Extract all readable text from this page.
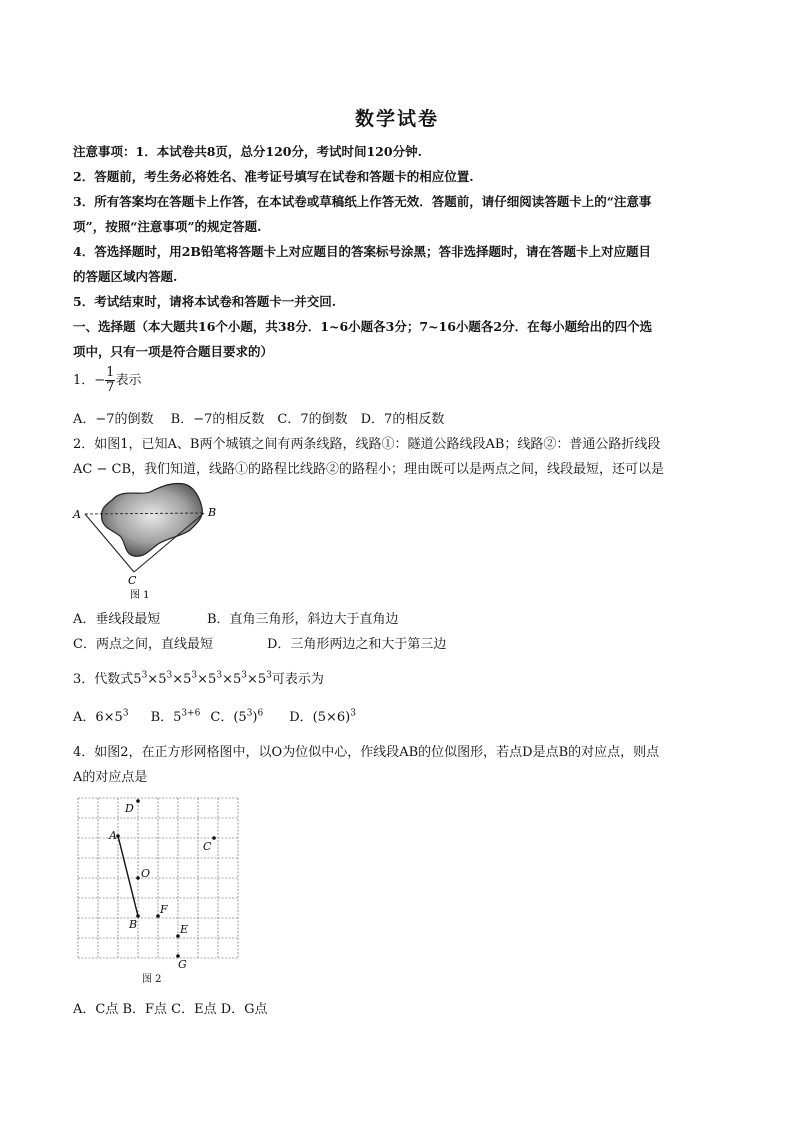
数学试卷
注意事项：1．本试卷共8页，总分120分，考试时间120分钟.
2．答题前，考生务必将姓名、准考证号填写在试卷和答题卡的相应位置.
3．所有答案均在答题卡上作答，在本试卷或草稿纸上作答无效．答题前，请仔细阅读答题卡上的“注意事
项”，按照“注意事项”的规定答题.
4．答选择题时，用2B铅笔将答题卡上对应题目的答案标号涂黑；答非选择题时，请在答题卡上对应题目
的答题区域内答题.
5．考试结束时，请将本试卷和答题卡一并交回.
一、选择题（本大题共16个小题，共38分．1~6小题各3分；7~16小题各2分．在每小题给出的四个选
项中，只有一项是符合题目要求的）
1．− $\frac{1}{7}$ 表示
A．−7的倒数　 B．−7的相反数　C．7的倒数　D．7的相反数
2．如图1，已知A、B两个城镇之间有两条线路，线路①：隧道公路线段AB；线路②：普通公路折线段
AC − CB，我们知道，线路①的路程比线路②的路程小；理由既可以是两点之间，线段最短，还可以是
A	B
C
图 1
A．垂线段最短	B．直角三角形，斜边大于直角边
C．两点之间，直线最短	D．三角形两边之和大于第三边
3．代数式$5^3\times 5^3\times 5^3\times 5^3\times 5^3\times 5^3$可表示为
A．$6\times 5^3$ B．$5^{3+6}$ C．$(5^3)^6$ D．$(5\times 6)^3$
4．如图2，在正方形网格图中，以O为位似中心，作线段AB的位似图形，若点D是点B的对应点，则点
A的对应点是
D
A
C
O
B
F
E
G
图 2
A．C点 B．F点 C．E点 D．G点
